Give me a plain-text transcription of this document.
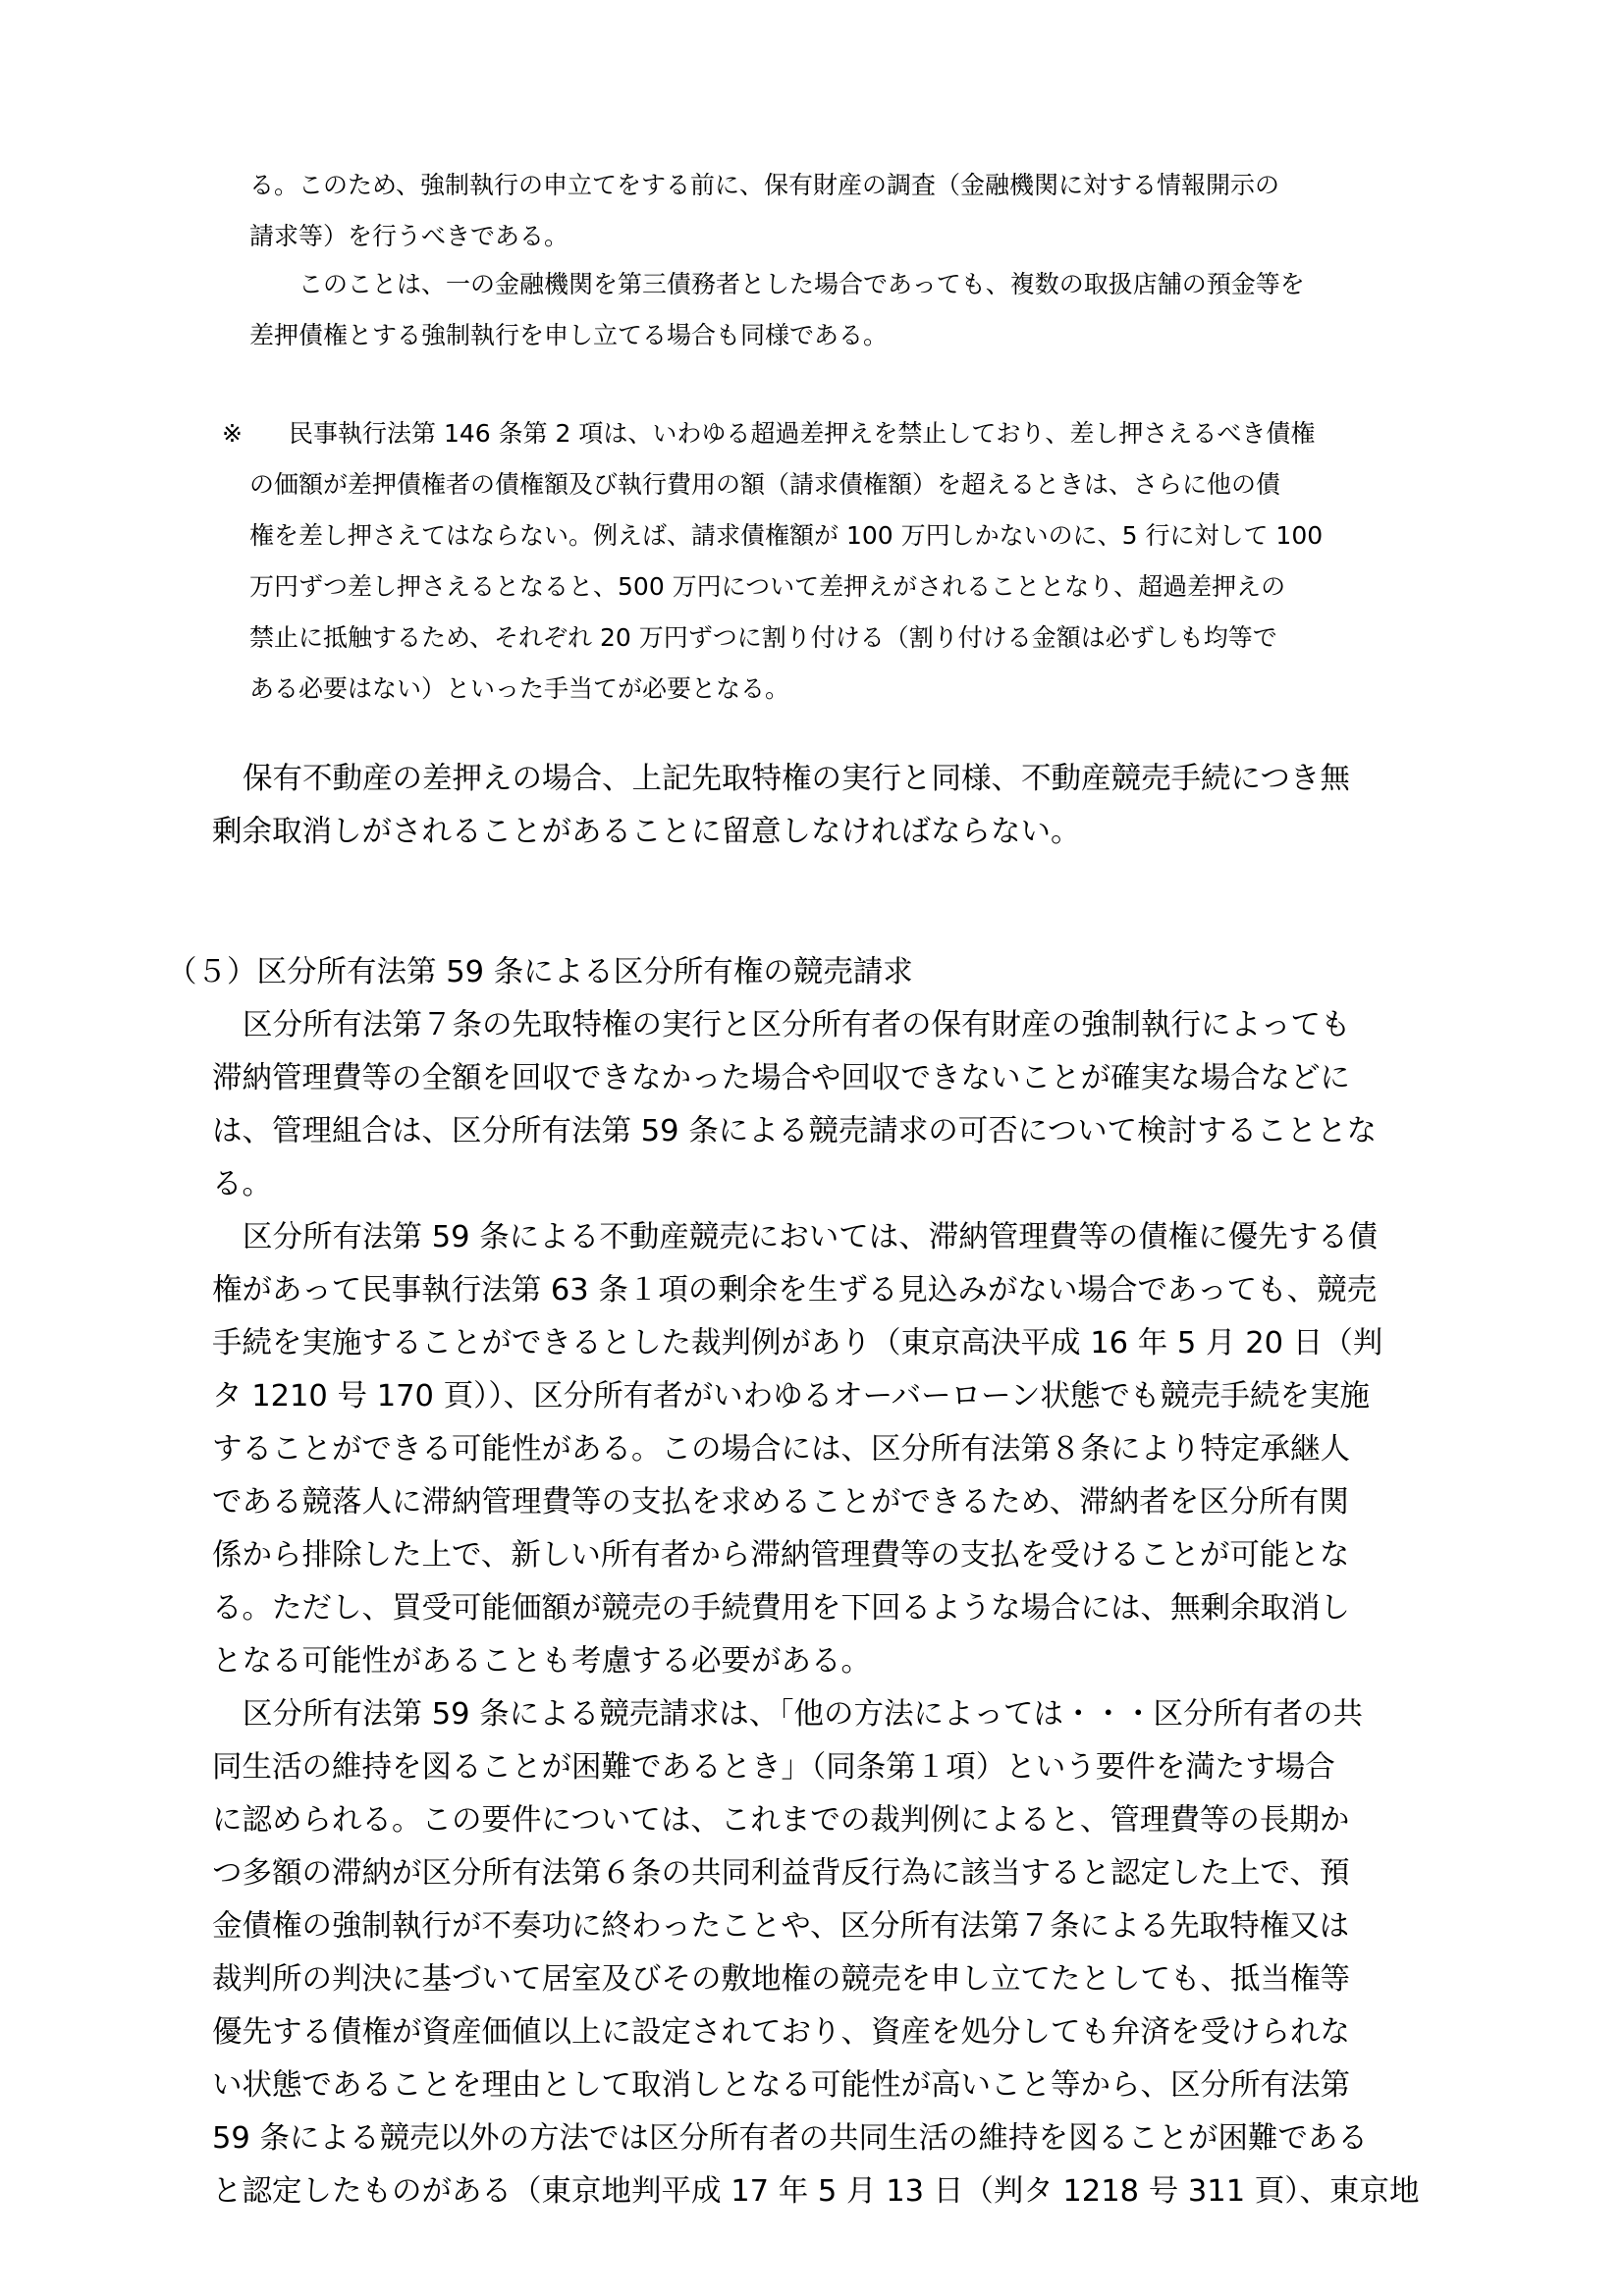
る。このため、強制執行の申立てをする前に、保有財産の調査（金融機関に対する情報開示の
請求等）を行うべきである。
このことは、一の金融機関を第三債務者とした場合であっても、複数の取扱店舗の預金等を
差押債権とする強制執行を申し立てる場合も同様である。
※	民事執行法第 146 条第 2 項は、いわゆる超過差押えを禁止しており、差し押さえるべき債権
の価額が差押債権者の債権額及び執行費用の額（請求債権額）を超えるときは、さらに他の債
権を差し押さえてはならない。例えば、請求債権額が 100 万円しかないのに、5 行に対して 100
万円ずつ差し押さえるとなると、500 万円について差押えがされることとなり、超過差押えの
禁止に抵触するため、それぞれ 20 万円ずつに割り付ける（割り付ける金額は必ずしも均等で
ある必要はない）といった手当てが必要となる。
保有不動産の差押えの場合、上記先取特権の実行と同様、不動産競売手続につき無
剰余取消しがされることがあることに留意しなければならない。
（５）区分所有法第 59 条による区分所有権の競売請求
区分所有法第７条の先取特権の実行と区分所有者の保有財産の強制執行によっても
滞納管理費等の全額を回収できなかった場合や回収できないことが確実な場合などに
は、管理組合は、区分所有法第 59 条による競売請求の可否について検討することとな
る。
区分所有法第 59 条による不動産競売においては、滞納管理費等の債権に優先する債
権があって民事執行法第 63 条１項の剰余を生ずる見込みがない場合であっても、競売
手続を実施することができるとした裁判例があり（東京高決平成 16 年 5 月 20 日（判
タ 1210 号 170 頁））、区分所有者がいわゆるオーバーローン状態でも競売手続を実施
することができる可能性がある。この場合には、区分所有法第８条により特定承継人
である競落人に滞納管理費等の支払を求めることができるため、滞納者を区分所有関
係から排除した上で、新しい所有者から滞納管理費等の支払を受けることが可能とな
る。ただし、買受可能価額が競売の手続費用を下回るような場合には、無剰余取消し
となる可能性があることも考慮する必要がある。
区分所有法第 59 条による競売請求は、「他の方法によっては・・・区分所有者の共
同生活の維持を図ることが困難であるとき」（同条第１項）という要件を満たす場合
に認められる。この要件については、これまでの裁判例によると、管理費等の長期か
つ多額の滞納が区分所有法第６条の共同利益背反行為に該当すると認定した上で、預
金債権の強制執行が不奏功に終わったことや、区分所有法第７条による先取特権又は
裁判所の判決に基づいて居室及びその敷地権の競売を申し立てたとしても、抵当権等
優先する債権が資産価値以上に設定されており、資産を処分しても弁済を受けられな
い状態であることを理由として取消しとなる可能性が高いこと等から、区分所有法第
59 条による競売以外の方法では区分所有者の共同生活の維持を図ることが困難である
と認定したものがある（東京地判平成 17 年 5 月 13 日（判タ 1218 号 311 頁）、東京地
